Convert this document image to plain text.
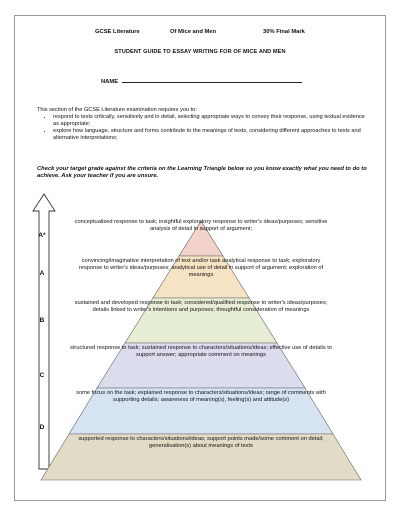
GCSE Literature	Of Mice and Men	30% Final Mark
STUDENT GUIDE TO ESSAY WRITING FOR OF MICE AND MEN
NAME
This section of the GCSE Literature examination requires you to:
• respond to texts critically, sensitively and in detail, selecting appropriate ways to convey their response, using textual evidence as appropriate;
• explore how language, structure and forms contribute to the meanings of texts, considering different approaches to texts and alternative interpretations;
Check your target grade against the criteria on the Learning Triangle below so you know exactly what you need to do to achieve. Ask your teacher if you are unsure.
A*
A
B
C
D
conceptualised response to task; insightful exploratory response to writer's ideas/purposes; sensitive analysis of detail in support of argument;
convincing/imaginative interpretation of text and/or task analytical response to task; exploratory response to writer's ideas/purposes; analytical use of detail in support of argument; exploration of meanings
sustained and developed response to task; considered/qualified response to writer's ideas/purposes; details linked to writer's intentions and purposes; thoughtful consideration of meanings
structured response to task; sustained response to characters/situations/ideas; effective use of details to support answer; appropriate comment on meanings
some focus on the task; explained response to characters/situations/ideas; range of comments with supporting details; awareness of meaning(s), feeling(s) and attitude(s)
supported response to characters/situations/ideas; support points made/some comment on detail; generalisation(s) about meanings of texts
